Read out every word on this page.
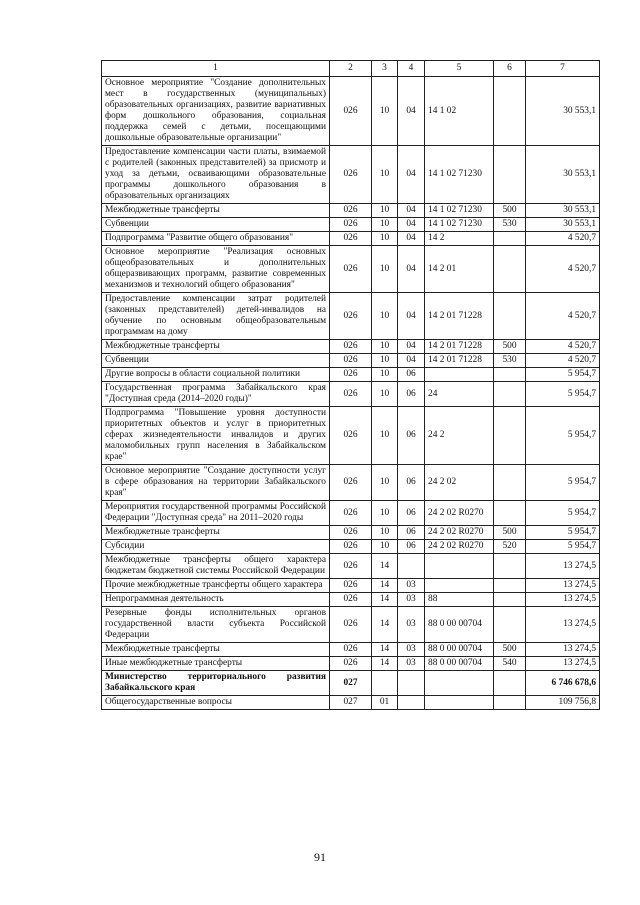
1	2	3	4	5	6	7
Основное мероприятие "Создание дополнительных мест в государственных (муниципальных) образовательных организациях, развитие вариативных форм дошкольного образования, социальная поддержка семей с детьми, посещающими дошкольные образовательные организации"	026	10	04	14 1 02		30 553,1
Предоставление компенсации части платы, взимаемой с родителей (законных представителей) за присмотр и уход за детьми, осваивающими образовательные программы дошкольного образования в образовательных организациях	026	10	04	14 1 02 71230		30 553,1
Межбюджетные трансферты	026	10	04	14 1 02 71230	500	30 553,1
Субвенции	026	10	04	14 1 02 71230	530	30 553,1
Подпрограмма "Развитие общего образования"	026	10	04	14 2		4 520,7
Основное мероприятие "Реализация основных общеобразовательных и дополнительных общеразвивающих программ, развитие современных механизмов и технологий общего образования"	026	10	04	14 2 01		4 520,7
Предоставление компенсации затрат родителей (законных представителей) детей-инвалидов на обучение по основным общеобразовательным программам на дому	026	10	04	14 2 01 71228		4 520,7
Межбюджетные трансферты	026	10	04	14 2 01 71228	500	4 520,7
Субвенции	026	10	04	14 2 01 71228	530	4 520,7
Другие вопросы в области социальной политики	026	10	06			5 954,7
Государственная программа Забайкальского края "Доступная среда (2014–2020 годы)"	026	10	06	24		5 954,7
Подпрограмма "Повышение уровня доступности приоритетных объектов и услуг в приоритетных сферах жизнедеятельности инвалидов и других маломобильных групп населения в Забайкальском крае"	026	10	06	24 2		5 954,7
Основное мероприятие "Создание доступности услуг в сфере образования на территории Забайкальского края"	026	10	06	24 2 02		5 954,7
Мероприятия государственной программы Российской Федерации "Доступная среда" на 2011–2020 годы	026	10	06	24 2 02 R0270		5 954,7
Межбюджетные трансферты	026	10	06	24 2 02 R0270	500	5 954,7
Субсидии	026	10	06	24 2 02 R0270	520	5 954,7
Межбюджетные трансферты общего характера бюджетам бюджетной системы Российской Федерации	026	14				13 274,5
Прочие межбюджетные трансферты общего характера	026	14	03			13 274,5
Непрограммная деятельность	026	14	03	88		13 274,5
Резервные фонды исполнительных органов государственной власти субъекта Российской Федерации	026	14	03	88 0 00 00704		13 274,5
Межбюджетные трансферты	026	14	03	88 0 00 00704	500	13 274,5
Иные межбюджетные трансферты	026	14	03	88 0 00 00704	540	13 274,5
Министерство территориального развития Забайкальского края	027					6 746 678,6
Общегосударственные вопросы	027	01				109 756,8
91
